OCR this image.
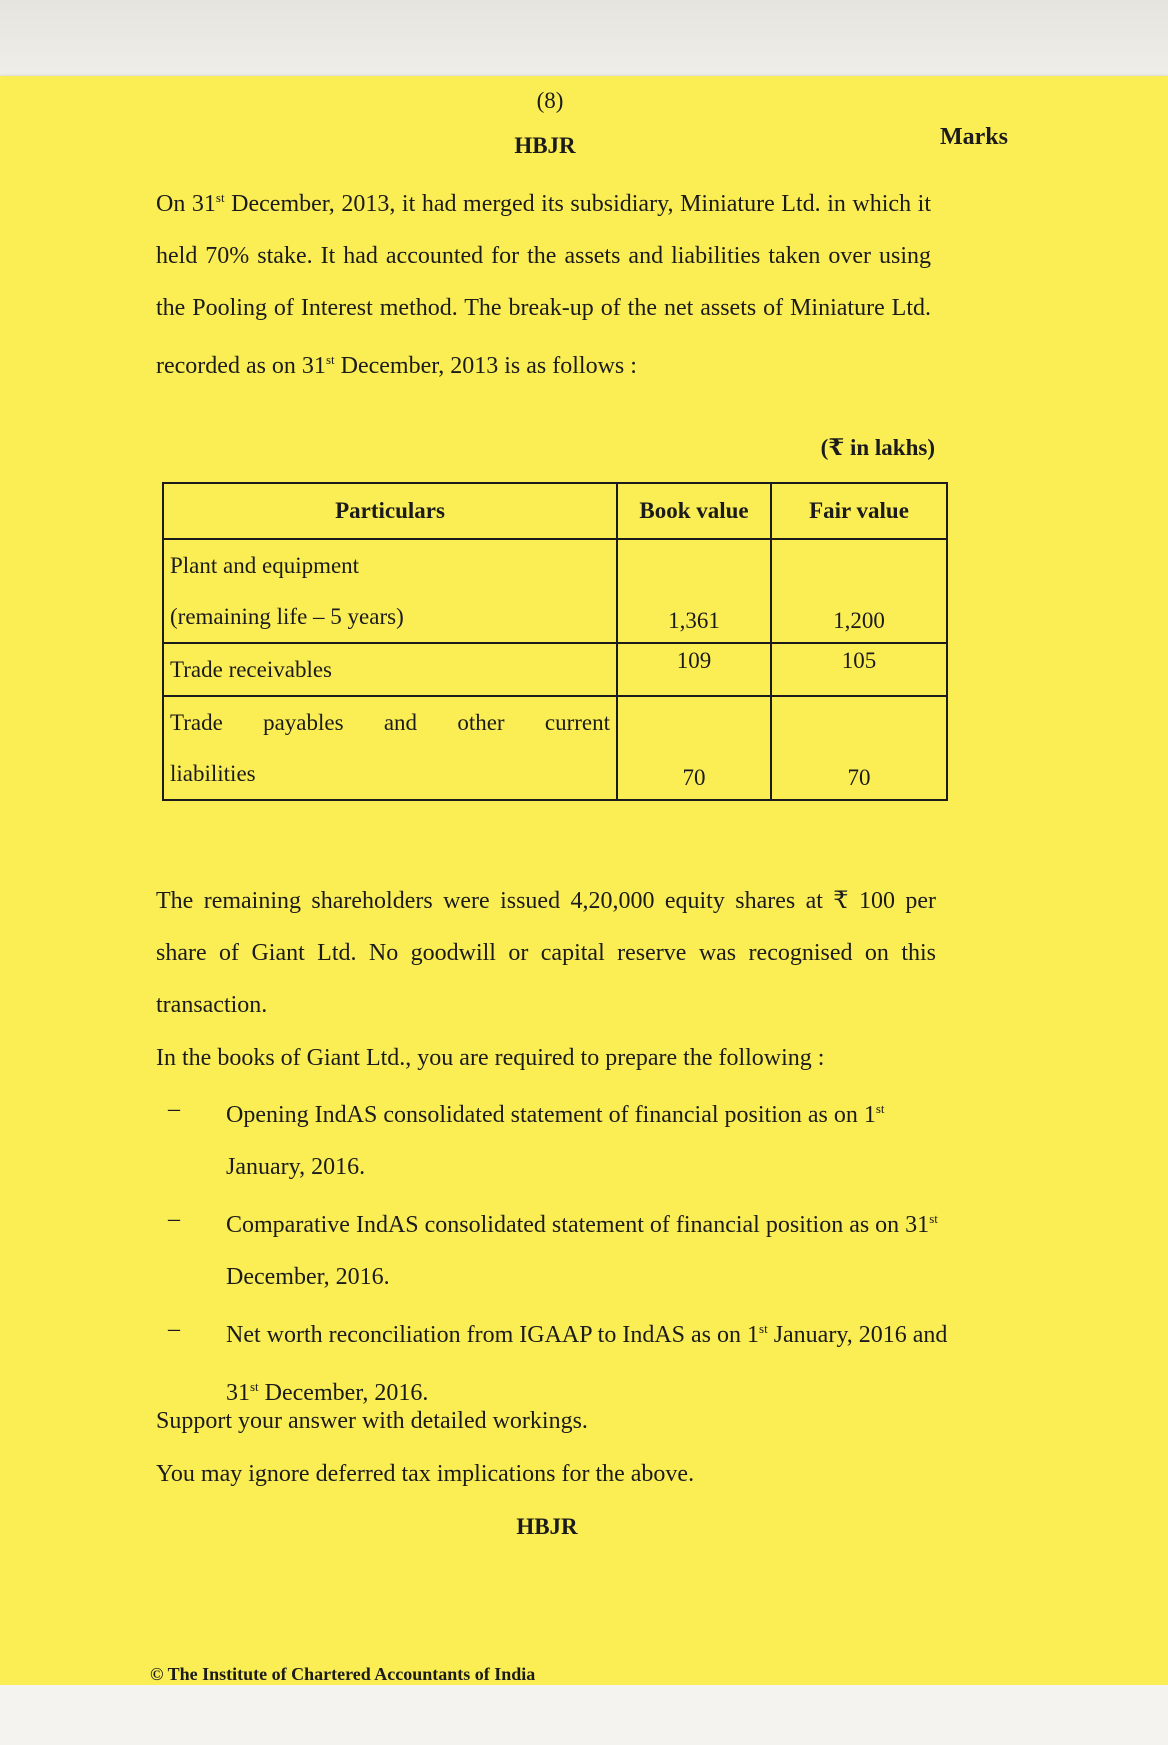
(8)
HBJR	Marks
On 31st December, 2013, it had merged its subsidiary, Miniature Ltd. in which it held 70% stake. It had accounted for the assets and liabilities taken over using the Pooling of Interest method. The break-up of the net assets of Miniature Ltd. recorded as on 31st December, 2013 is as follows :
(₹ in lakhs)
Particulars	Book value	Fair value

Plant and equipment
(remaining life – 5 years)	1,361	1,200

Trade receivables	109	105

Trade payables and other current
liabilities	70	70
The remaining shareholders were issued 4,20,000 equity shares at ₹ 100 per share of Giant Ltd. No goodwill or capital reserve was recognised on this transaction.
In the books of Giant Ltd., you are required to prepare the following :
– Opening IndAS consolidated statement of financial position as on 1st January, 2016.
– Comparative IndAS consolidated statement of financial position as on 31st December, 2016.
– Net worth reconciliation from IGAAP to IndAS as on 1st January, 2016 and 31st December, 2016.
Support your answer with detailed workings.
You may ignore deferred tax implications for the above.
HBJR
© The Institute of Chartered Accountants of India
